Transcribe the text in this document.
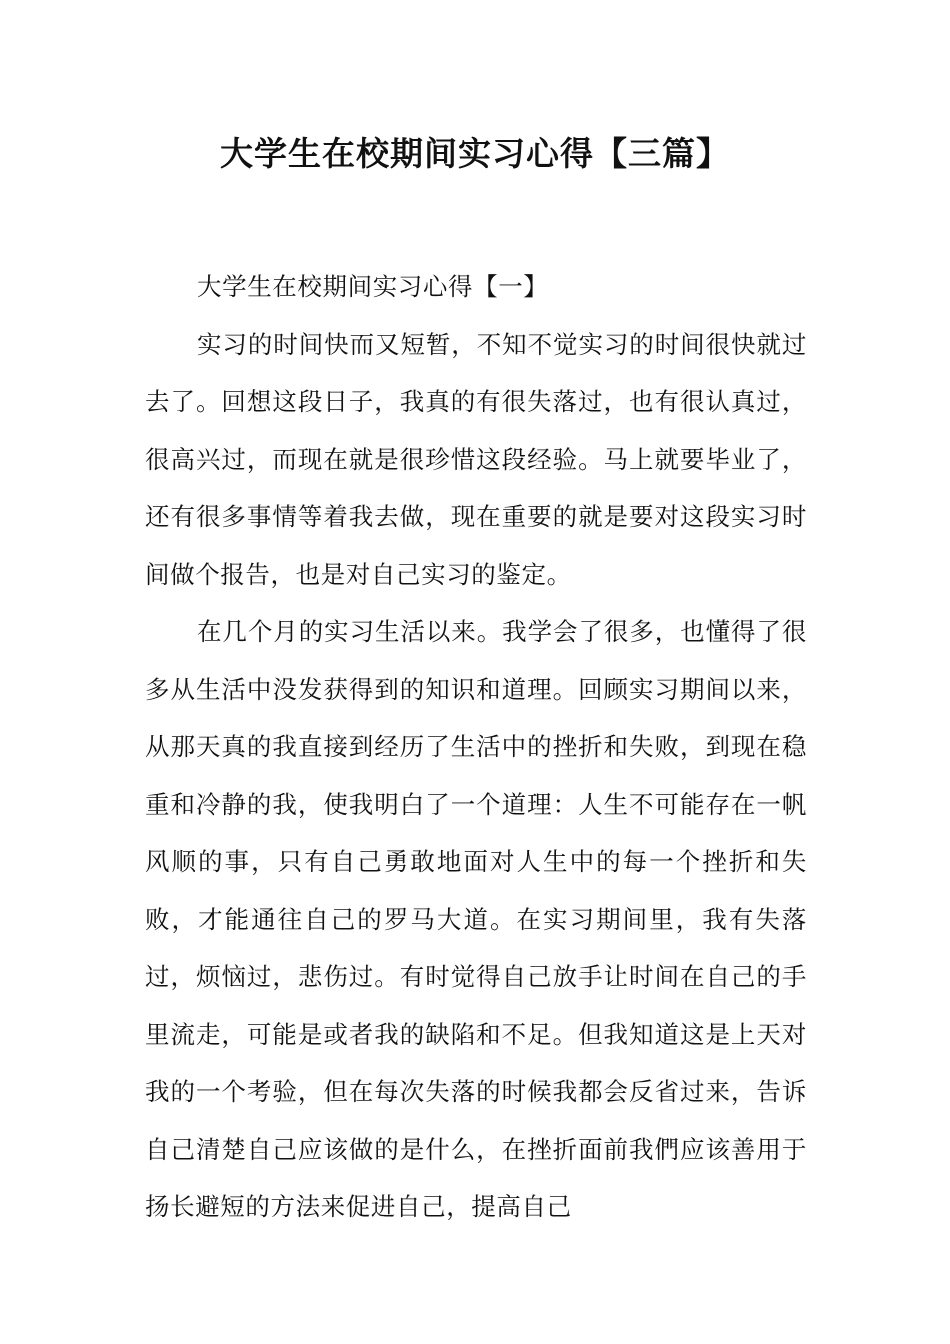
大学生在校期间实习心得【三篇】

大学生在校期间实习心得【一】

实习的时间快而又短暂，不知不觉实习的时间很快就过去了。回想这段日子，我真的有很失落过，也有很认真过，很高兴过，而现在就是很珍惜这段经验。马上就要毕业了，还有很多事情等着我去做，现在重要的就是要对这段实习时间做个报告，也是对自己实习的鉴定。

在几个月的实习生活以来。我学会了很多，也懂得了很多从生活中没发获得到的知识和道理。回顾实习期间以来，从那天真的我直接到经历了生活中的挫折和失败，到现在稳重和冷静的我，使我明白了一个道理：人生不可能存在一帆风顺的事，只有自己勇敢地面对人生中的每一个挫折和失败，才能通往自己的罗马大道。在实习期间里，我有失落过，烦恼过，悲伤过。有时觉得自己放手让时间在自己的手里流走，可能是或者我的缺陷和不足。但我知道这是上天对我的一个考验，但在每次失落的时候我都会反省过来，告诉自己清楚自己应该做的是什么，在挫折面前我們应该善用于扬长避短的方法来促进自己，提高自己
